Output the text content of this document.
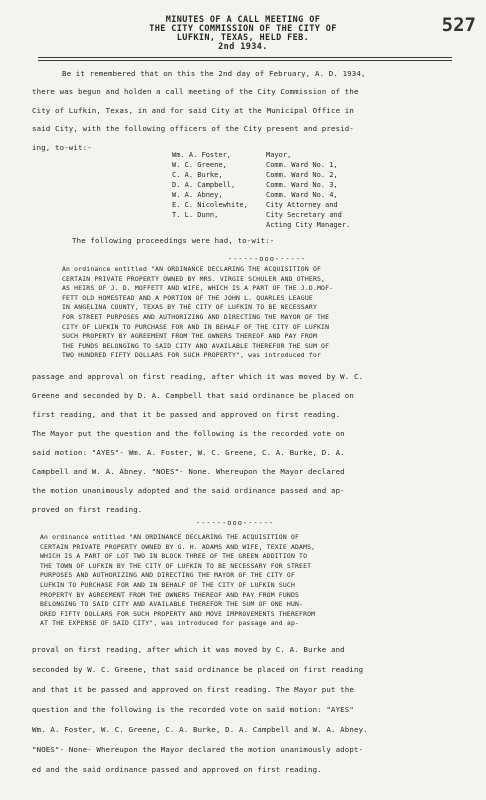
527
MINUTES OF A CALL MEETING OF
THE CITY COMMISSION OF THE CITY OF
LUFKIN, TEXAS, HELD FEB.
2nd 1934.
Be it remembered that on this the 2nd day of February, A. D. 1934,
there was begun and holden a call meeting of the City Commission of the
City of Lufkin, Texas, in and for said City at the Municipal Office in
said City, with the following officers of the City present and presid-
ing, to-wit:-
Wm. A. Foster,	Mayor,
W. C. Greene,	Comm. Ward No. 1,
C. A. Burke,	Comm. Ward No. 2,
D. A. Campbell,	Comm. Ward No. 3,
W. A. Abney,	Comm. Ward No. 4,
E. C. Nicolewhite,	City Attorney and
T. L. Dunn,	City Secretary and
Acting City Manager.
The following proceedings were had, to-wit:-
------ooo------
An ordinance entitled "AN ORDINANCE DECLARING THE ACQUISITION OF
CERTAIN PRIVATE PROPERTY OWNED BY MRS. VIRGIE SCHULER AND OTHERS,
AS HEIRS OF J. D. MOFFETT AND WIFE, WHICH IS A PART OF THE J.D.MOF-
FETT OLD HOMESTEAD AND A PORTION OF THE JOHN L. QUARLES LEAGUE
IN ANGELINA COUNTY, TEXAS BY THE CITY OF LUFKIN TO BE NECESSARY
FOR STREET PURPOSES AND AUTHORIZING AND DIRECTING THE MAYOR OF THE
CITY OF LUFKIN TO PURCHASE FOR AND IN BEHALF OF THE CITY OF LUFKIN
SUCH PROPERTY BY AGREEMENT FROM THE OWNERS THEREOF AND PAY FROM
THE FUNDS BELONGING TO SAID CITY AND AVAILABLE THEREFOR THE SUM OF
TWO HUNDRED FIFTY DOLLARS FOR SUCH PROPERTY", was introduced for
passage and approval on first reading, after which it was moved by W. C.
Greene and seconded by D. A. Campbell that said ordinance be placed on
first reading, and that it be passed and approved on first reading.
The Mayor put the question and the following is the recorded vote on
said motion: "AYES"- Wm. A. Foster, W. C. Greene, C. A. Burke, D. A.
Campbell and W. A. Abney. "NOES"- None. Whereupon the Mayor declared
the motion unanimously adopted and the said ordinance passed and ap-
proved on first reading.
------ooo------
An ordinance entitled "AN ORDINANCE DECLARING THE ACQUISITION OF
CERTAIN PRIVATE PROPERTY OWNED BY G. H. ADAMS AND WIFE, TEXIE ADAMS,
WHICH IS A PART OF LOT TWO IN BLOCK THREE OF THE GREEN ADDITION TO
THE TOWN OF LUFKIN BY THE CITY OF LUFKIN TO BE NECESSARY FOR STREET
PURPOSES AND AUTHORIZING AND DIRECTING THE MAYOR OF THE CITY OF
LUFKIN TO PURCHASE FOR AND IN BEHALF OF THE CITY OF LUFKIN SUCH
PROPERTY BY AGREEMENT FROM THE OWNERS THEREOF AND PAY FROM FUNDS
BELONGING TO SAID CITY AND AVAILABLE THEREFOR THE SUM OF ONE HUN-
DRED FIFTY DOLLARS FOR SUCH PROPERTY AND MOVE IMPROVEMENTS THEREFROM
AT THE EXPENSE OF SAID CITY", was introduced for passage and ap-
proval on first reading, after which it was moved by C. A. Burke and
seconded by W. C. Greene, that said ordinance be placed on first reading
and that it be passed and approved on first reading. The Mayor put the
question and the following is the recorded vote on said motion: "AYES"
Wm. A. Foster, W. C. Greene, C. A. Burke, D. A. Campbell and W. A. Abney.
"NOES"- None- Whereupon the Mayor declared the motion unanimously adopt-
ed and the said ordinance passed and approved on first reading.
